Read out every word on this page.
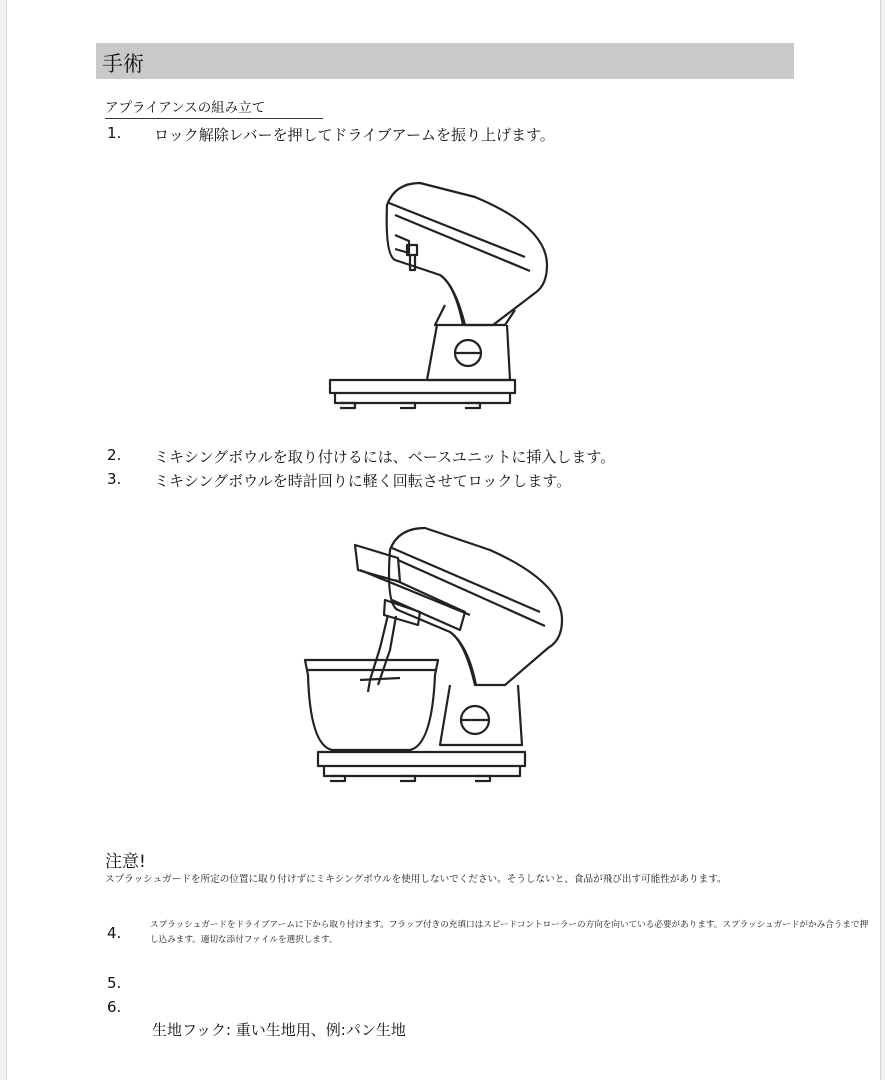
手術
アプライアンスの組み立て
1. ロック解除レバーを押してドライブアームを振り上げます。
2. ミキシングボウルを取り付けるには、ベースユニットに挿入します。
3. ミキシングボウルを時計回りに軽く回転させてロックします。
注意!
スプラッシュガードを所定の位置に取り付けずにミキシングボウルを使用しないでください。そうしないと、食品が飛び出す可能性があります。
4.	スプラッシュガードをドライブアームに下から取り付けます。フラップ付きの充填口はスピードコントローラーの方向を向いている必要があります。スプラッシュガードがかみ合うまで押し込みます。適切な添付ファイルを選択します。
5.
6.
生地フック: 重い生地用、例:パン生地
